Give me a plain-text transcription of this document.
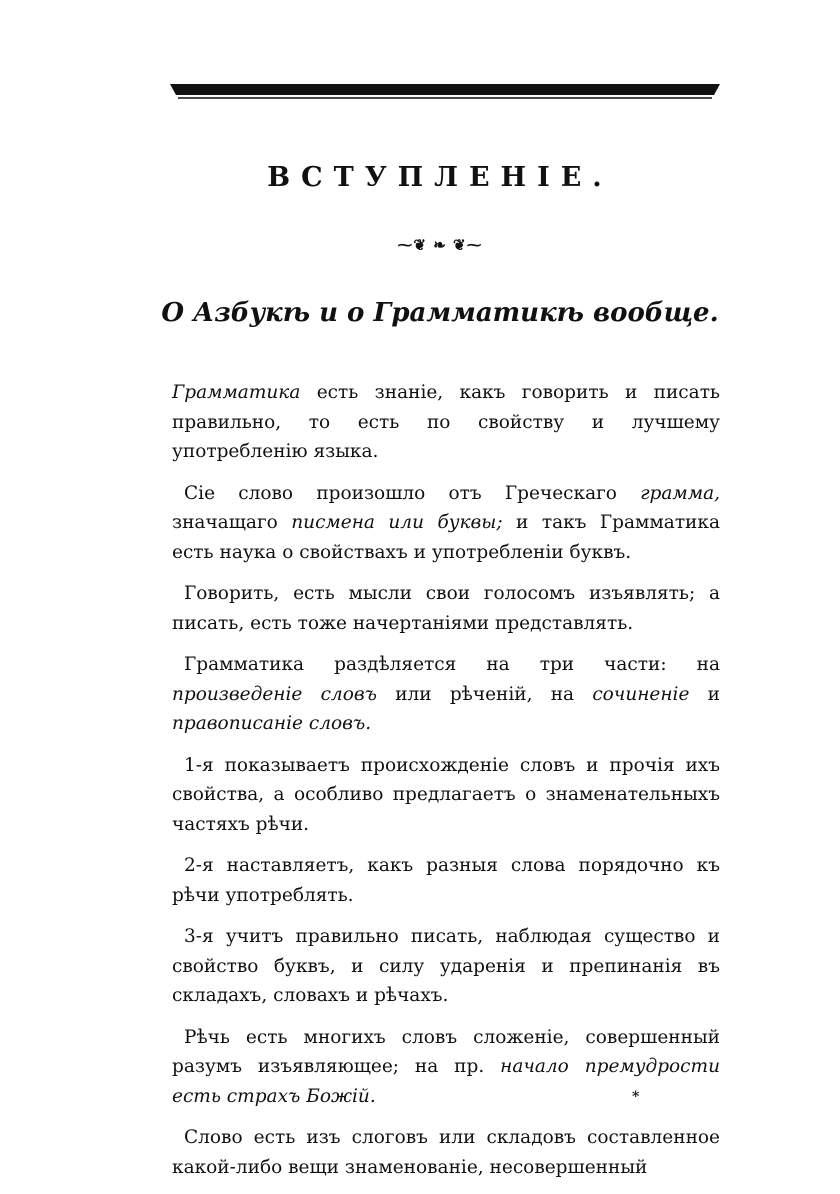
ВСТУПЛЕНIЕ.
⁓❦ ❧ ❦⁓
О Азбукѣ и о Грамматикѣ вообще.

Грамматика есть знанiе, какъ говорить и писать правильно, то есть по свойству и лучшему употребленiю языка.

Сiе слово произошло отъ Греческаго грамма, значащаго писмена или буквы; и такъ Грамматика есть наука о свойствахъ и употребленiи буквъ.

Говорить, есть мысли свои голосомъ изъявлять; а писать, есть тоже начертанiями представлять.

Грамматика раздѣляется на три части: на произведенiе словъ или рѣченiй, на сочиненiе и правописанiе словъ.

1-я показываетъ происхожденiе словъ и прочiя ихъ свойства, а особливо предлагаетъ о знаменательныхъ частяхъ рѣчи.

2-я наставляетъ, какъ разныя слова порядочно къ рѣчи употреблять.

3-я учитъ правильно писать, наблюдая существо и свойство буквъ, и силу ударенiя и препинанiя въ складахъ, словахъ и рѣчахъ.

Рѣчь есть многихъ словъ сложенiе, совершенный разумъ изъявляющее; на пр. начало премудрости есть страхъ Божiй.

Слово есть изъ слоговъ или складовъ составленное какой-либо вещи знаменованiе, несовершенный

*
